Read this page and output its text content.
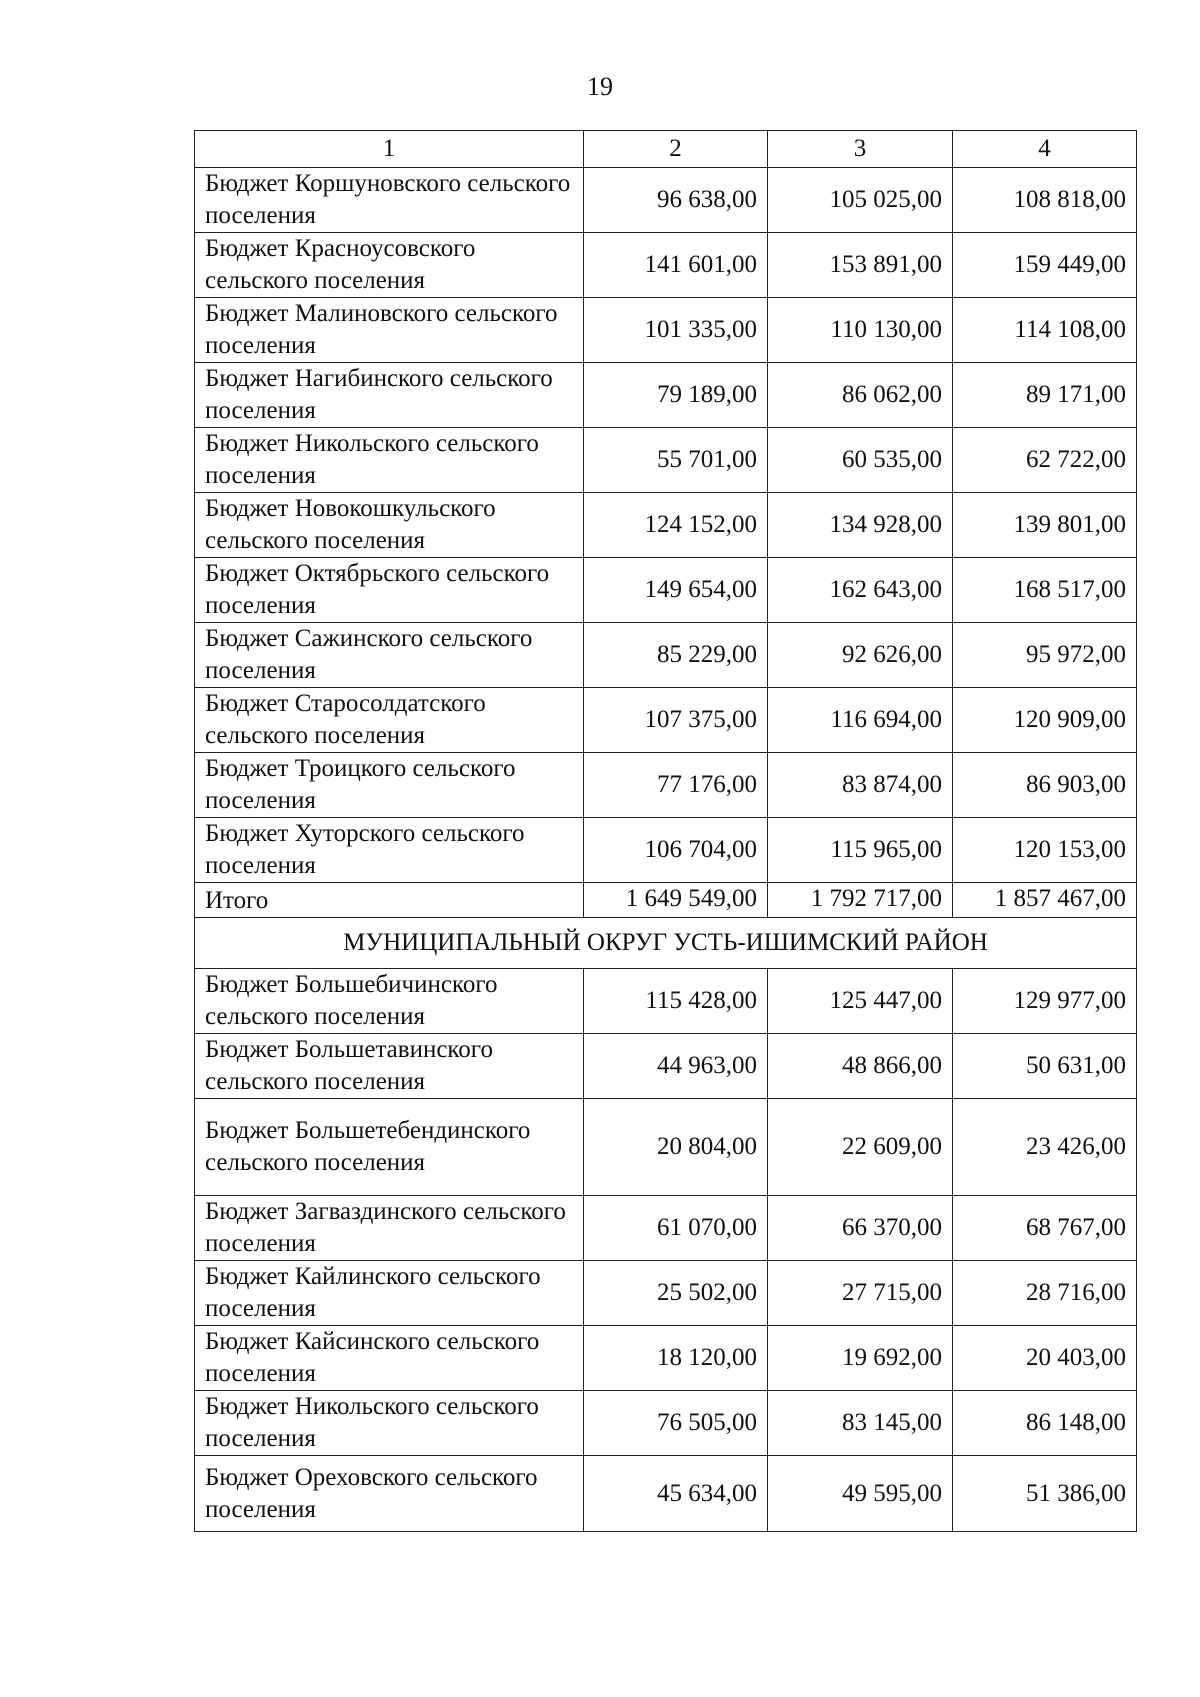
19
1	2	3	4
Бюджет Коршуновского сельского поселения	96 638,00	105 025,00	108 818,00
Бюджет Красноусовского сельского поселения	141 601,00	153 891,00	159 449,00
Бюджет Малиновского сельского поселения	101 335,00	110 130,00	114 108,00
Бюджет Нагибинского сельского поселения	79 189,00	86 062,00	89 171,00
Бюджет Никольского сельского поселения	55 701,00	60 535,00	62 722,00
Бюджет Новокошкульского сельского поселения	124 152,00	134 928,00	139 801,00
Бюджет Октябрьского сельского поселения	149 654,00	162 643,00	168 517,00
Бюджет Сажинского сельского поселения	85 229,00	92 626,00	95 972,00
Бюджет Старосолдатского сельского поселения	107 375,00	116 694,00	120 909,00
Бюджет Троицкого сельского поселения	77 176,00	83 874,00	86 903,00
Бюджет Хуторского сельского поселения	106 704,00	115 965,00	120 153,00
Итого	1 649 549,00	1 792 717,00	1 857 467,00
МУНИЦИПАЛЬНЫЙ ОКРУГ УСТЬ-ИШИМСКИЙ РАЙОН			
Бюджет Большебичинского сельского поселения	115 428,00	125 447,00	129 977,00
Бюджет Большетавинского сельского поселения	44 963,00	48 866,00	50 631,00
Бюджет Большетебендинского сельского поселения	20 804,00	22 609,00	23 426,00
Бюджет Загваздинского сельского поселения	61 070,00	66 370,00	68 767,00
Бюджет Кайлинского сельского поселения	25 502,00	27 715,00	28 716,00
Бюджет Кайсинского сельского поселения	18 120,00	19 692,00	20 403,00
Бюджет Никольского сельского поселения	76 505,00	83 145,00	86 148,00
Бюджет Ореховского сельского поселения	45 634,00	49 595,00	51 386,00
